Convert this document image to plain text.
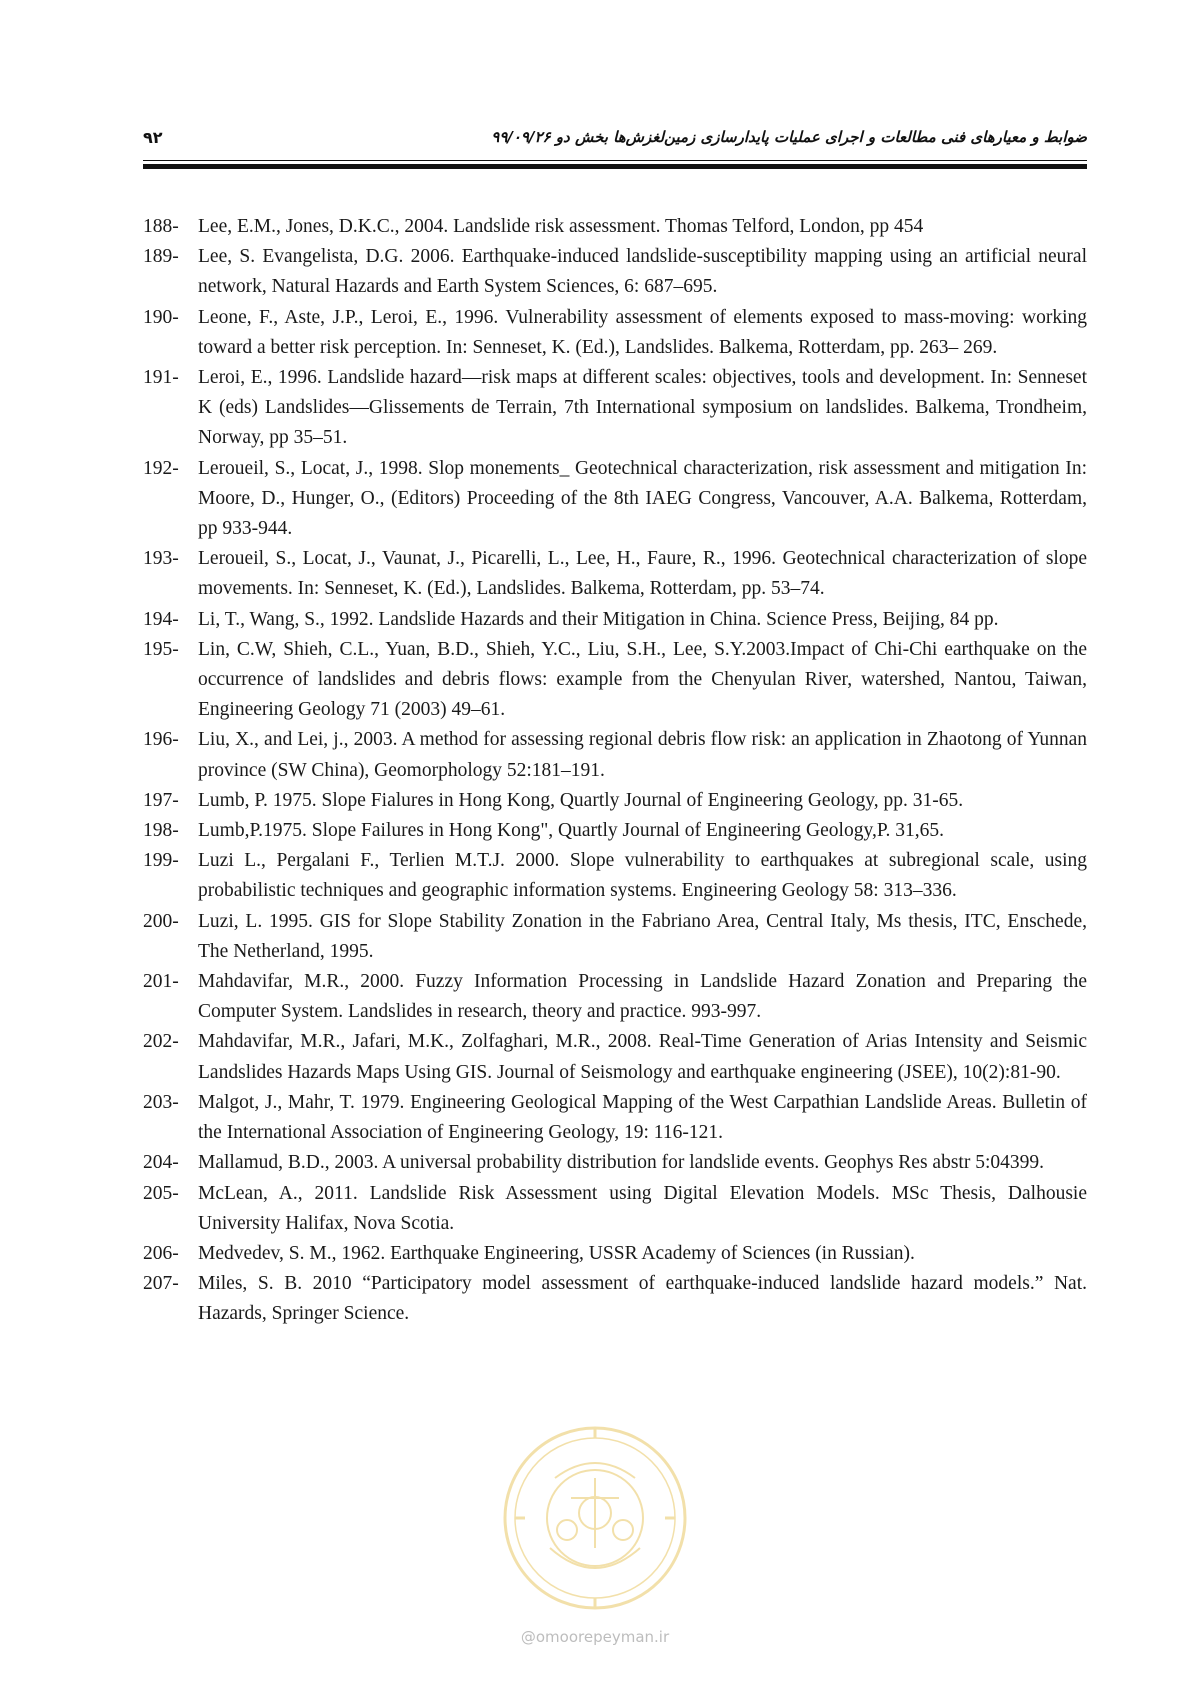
۹۲	ضوابط و معیارهای فنی مطالعات و اجرای عملیات پایدارسازی زمین‌لغزش‌ها بخش دو ۹۹/۰۹/۲۶
188- Lee, E.M., Jones, D.K.C., 2004. Landslide risk assessment. Thomas Telford, London, pp 454
189- Lee, S. Evangelista, D.G. 2006. Earthquake-induced landslide-susceptibility mapping using an artificial neural network, Natural Hazards and Earth System Sciences, 6: 687–695.
190- Leone, F., Aste, J.P., Leroi, E., 1996. Vulnerability assessment of elements exposed to mass-moving: working toward a better risk perception. In: Senneset, K. (Ed.), Landslides. Balkema, Rotterdam, pp. 263– 269.
191- Leroi, E., 1996. Landslide hazard—risk maps at different scales: objectives, tools and development. In: Senneset K (eds) Landslides—Glissements de Terrain, 7th International symposium on landslides. Balkema, Trondheim, Norway, pp 35–51.
192- Leroueil, S., Locat, J., 1998. Slop monements_ Geotechnical characterization, risk assessment and mitigation In: Moore, D., Hunger, O., (Editors) Proceeding of the 8th IAEG Congress, Vancouver, A.A. Balkema, Rotterdam, pp 933-944.
193- Leroueil, S., Locat, J., Vaunat, J., Picarelli, L., Lee, H., Faure, R., 1996. Geotechnical characterization of slope movements. In: Senneset, K. (Ed.), Landslides. Balkema, Rotterdam, pp. 53–74.
194- Li, T., Wang, S., 1992. Landslide Hazards and their Mitigation in China. Science Press, Beijing, 84 pp.
195- Lin, C.W, Shieh, C.L., Yuan, B.D., Shieh, Y.C., Liu, S.H., Lee, S.Y.2003.Impact of Chi-Chi earthquake on the occurrence of landslides and debris flows: example from the Chenyulan River, watershed, Nantou, Taiwan, Engineering Geology 71 (2003) 49–61.
196- Liu, X., and Lei, j., 2003. A method for assessing regional debris flow risk: an application in Zhaotong of Yunnan province (SW China), Geomorphology 52:181–191.
197- Lumb, P. 1975. Slope Fialures in Hong Kong, Quartly Journal of Engineering Geology, pp. 31-65.
198- Lumb,P.1975. Slope Failures in Hong Kong", Quartly Journal of Engineering Geology,P. 31,65.
199- Luzi L., Pergalani F., Terlien M.T.J. 2000. Slope vulnerability to earthquakes at subregional scale, using probabilistic techniques and geographic information systems. Engineering Geology 58: 313–336.
200- Luzi, L. 1995. GIS for Slope Stability Zonation in the Fabriano Area, Central Italy, Ms thesis, ITC, Enschede, The Netherland, 1995.
201- Mahdavifar, M.R., 2000. Fuzzy Information Processing in Landslide Hazard Zonation and Preparing the Computer System. Landslides in research, theory and practice. 993-997.
202- Mahdavifar, M.R., Jafari, M.K., Zolfaghari, M.R., 2008. Real-Time Generation of Arias Intensity and Seismic Landslides Hazards Maps Using GIS. Journal of Seismology and earthquake engineering (JSEE), 10(2):81-90.
203- Malgot, J., Mahr, T. 1979. Engineering Geological Mapping of the West Carpathian Landslide Areas. Bulletin of the International Association of Engineering Geology, 19: 116-121.
204- Mallamud, B.D., 2003. A universal probability distribution for landslide events. Geophys Res abstr 5:04399.
205- McLean, A., 2011. Landslide Risk Assessment using Digital Elevation Models. MSc Thesis, Dalhousie University Halifax, Nova Scotia.
206- Medvedev, S. M., 1962. Earthquake Engineering, USSR Academy of Sciences (in Russian).
207- Miles, S. B. 2010 “Participatory model assessment of earthquake-induced landslide hazard models.” Nat. Hazards, Springer Science.
@omoorepeyman.ir
